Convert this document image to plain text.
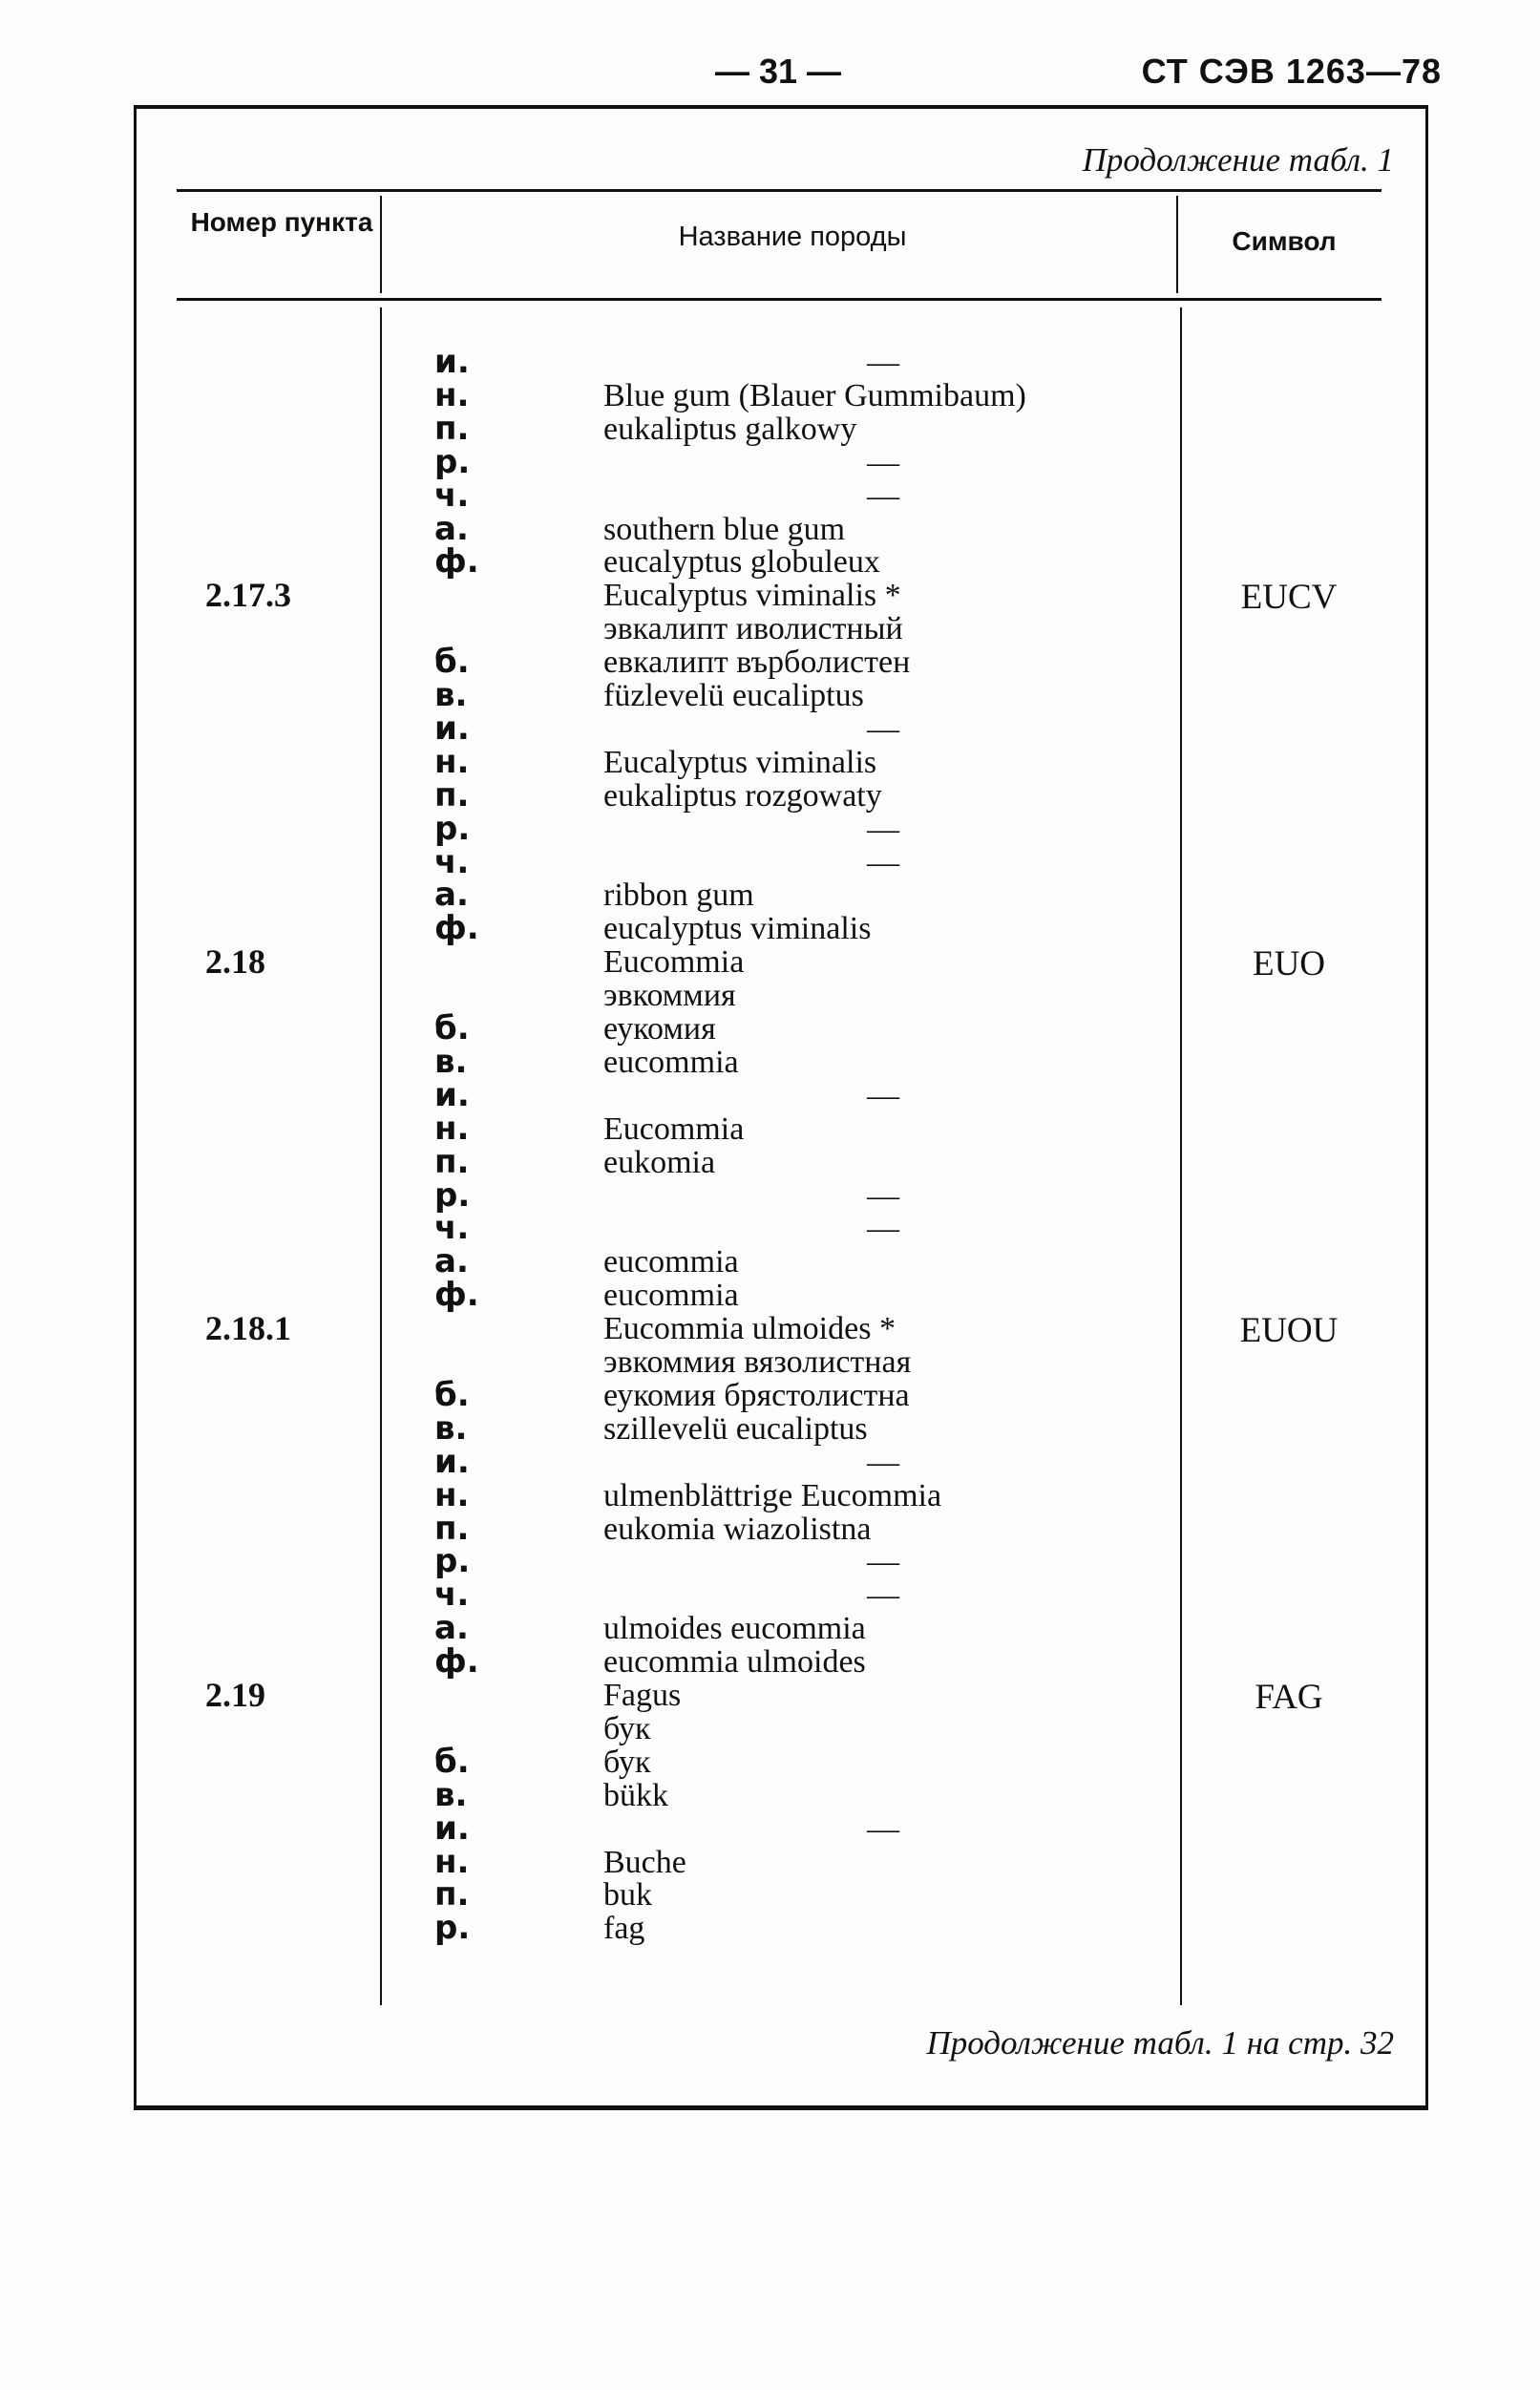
— 31 —	СТ СЭВ 1263—78
Продолжение табл. 1
Номер пункта	Название породы	Символ
и.	—
н.	Blue gum (Blauer Gummibaum)
п.	eukaliptus galkowy
р.	—
ч.	—
а.	southern blue gum
ф.	eucalyptus globuleux
2.17.3	Eucalyptus viminalis *	EUCV
эвкалипт иволистный
б.	евкалипт върболистен
в.	füzlevelü eucaliptus
и.	—
н.	Eucalyptus viminalis
п.	eukaliptus rozgowaty
р.	—
ч.	—
а.	ribbon gum
ф.	eucalyptus viminalis
2.18	Eucommia	EUO
эвкоммия
б.	еукомия
в.	eucommia
и.	—
н.	Eucommia
п.	eukomia
р.	—
ч.	—
а.	eucommia
ф.	eucommia
2.18.1	Eucommia ulmoides *	EUOU
эвкоммия вязолистная
б.	еукомия брястолистна
в.	szillevelü eucaliptus
и.	—
н.	ulmenblättrige Eucommia
п.	eukomia wiazolistna
р.	—
ч.	—
а.	ulmoides eucommia
ф.	eucommia ulmoides
2.19	Fagus	FAG
бук
б.	бук
в.	bükk
и.	—
н.	Buche
п.	buk
р.	fag
Продолжение табл. 1 на стр. 32
